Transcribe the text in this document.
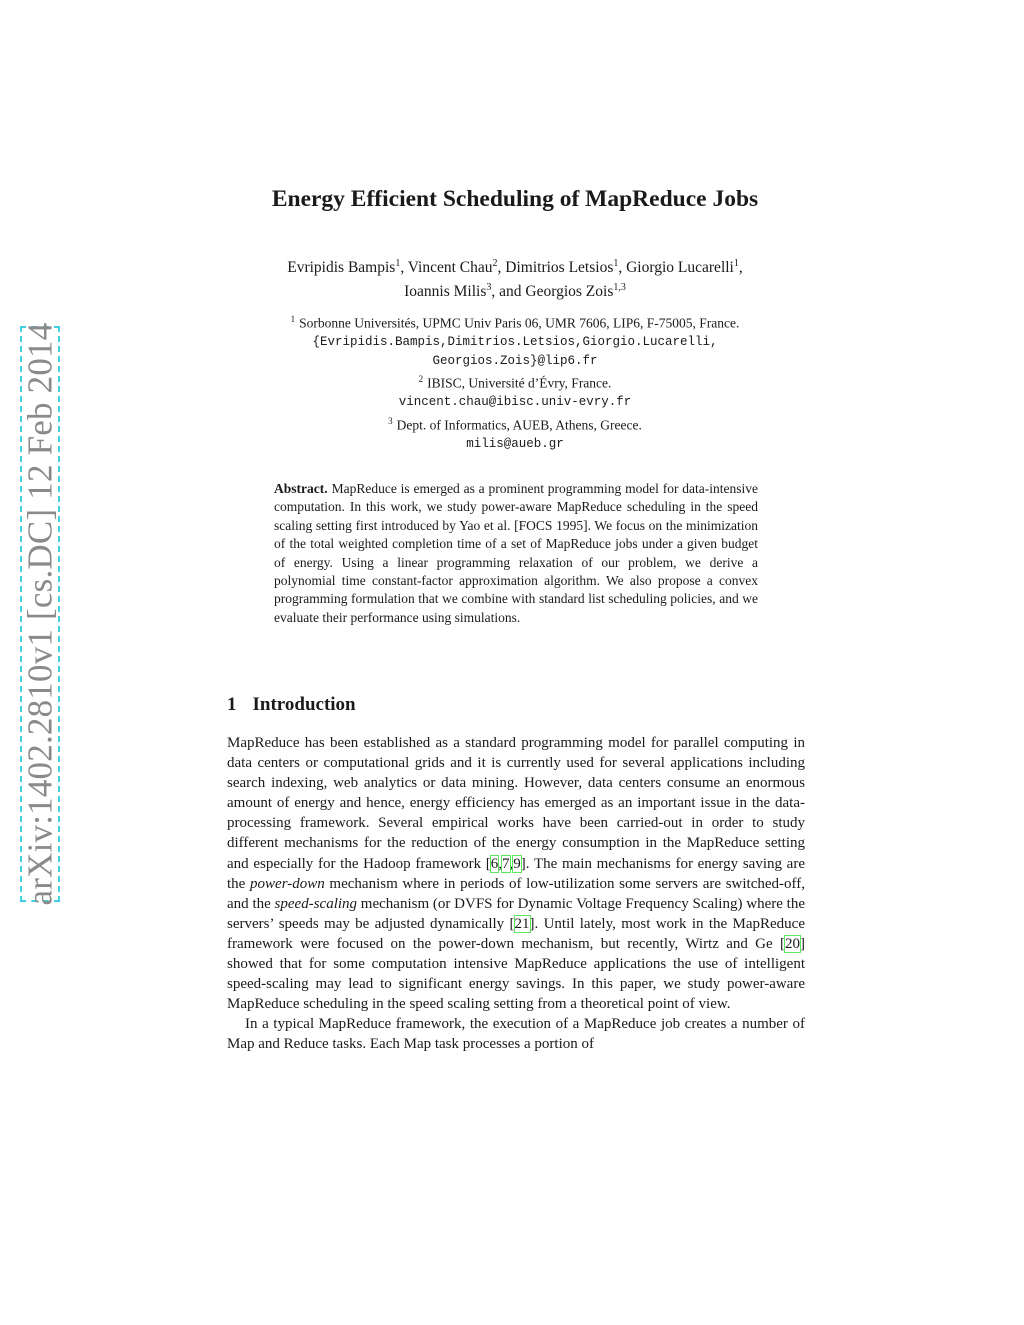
arXiv:1402.2810v1 [cs.DC] 12 Feb 2014
Energy Efficient Scheduling of MapReduce Jobs
Evripidis Bampis$^1$, Vincent Chau$^2$, Dimitrios Letsios$^1$, Giorgio Lucarelli$^1$,
Ioannis Milis$^3$, and Georgios Zois$^{1,3}$
$^1$ Sorbonne Universités, UPMC Univ Paris 06, UMR 7606, LIP6, F-75005, France.
{Evripidis.Bampis,Dimitrios.Letsios,Giorgio.Lucarelli,
Georgios.Zois}@lip6.fr
$^2$ IBISC, Université d’Évry, France.
vincent.chau@ibisc.univ-evry.fr
$^3$ Dept. of Informatics, AUEB, Athens, Greece.
milis@aueb.gr

Abstract. MapReduce is emerged as a prominent programming model for data-intensive computation. In this work, we study power-aware MapReduce scheduling in the speed scaling setting first introduced by Yao et al. [FOCS 1995]. We focus on the minimization of the total weighted completion time of a set of MapReduce jobs under a given budget of energy. Using a linear programming relaxation of our problem, we derive a polynomial time constant-factor approximation algorithm. We also propose a convex programming formulation that we combine with standard list scheduling policies, and we evaluate their performance using simulations.

1 Introduction

MapReduce has been established as a standard programming model for parallel computing in data centers or computational grids and it is currently used for several applications including search indexing, web analytics or data mining. However, data centers consume an enormous amount of energy and hence, energy efficiency has emerged as an important issue in the data-processing framework. Several empirical works have been carried-out in order to study different mechanisms for the reduction of the energy consumption in the MapReduce setting and especially for the Hadoop framework [6,7,9]. The main mechanisms for energy saving are the power-down mechanism where in periods of low-utilization some servers are switched-off, and the speed-scaling mechanism (or DVFS for Dynamic Voltage Frequency Scaling) where the servers’ speeds may be adjusted dynamically [21]. Until lately, most work in the MapReduce framework were focused on the power-down mechanism, but recently, Wirtz and Ge [20] showed that for some computation intensive MapReduce applications the use of intelligent speed-scaling may lead to significant energy savings. In this paper, we study power-aware MapReduce scheduling in the speed scaling setting from a theoretical point of view.

In a typical MapReduce framework, the execution of a MapReduce job creates a number of Map and Reduce tasks. Each Map task processes a portion of
